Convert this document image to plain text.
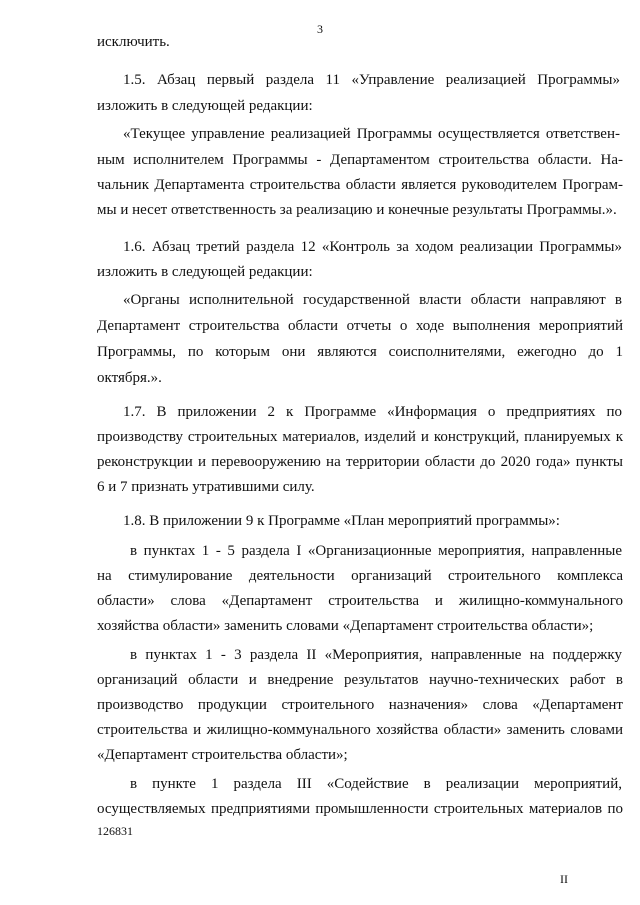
3
исключить.
1.5. Абзац первый раздела 11 «Управление реализацией Программы»
изложить в следующей редакции:
«Текущее управление реализацией Программы осуществляется ответствен-
ным исполнителем Программы - Департаментом строительства области. На-
чальник Департамента строительства области является руководителем Програм-
мы и несет ответственность за реализацию и конечные результаты Программы.».
1.6. Абзац третий раздела 12 «Контроль за ходом реализации Программы»
изложить в следующей редакции:
«Органы исполнительной государственной власти области направляют в
Департамент строительства области отчеты о ходе выполнения мероприятий
Программы, по которым они являются соисполнителями, ежегодно до 1
октября.».
1.7. В приложении 2 к Программе «Информация о предприятиях по
производству строительных материалов, изделий и конструкций, планируемых к
реконструкции и перевооружению на территории области до 2020 года» пункты
6 и 7 признать утратившими силу.
1.8. В приложении 9 к Программе «План мероприятий программы»:
в пунктах 1 - 5 раздела I «Организационные мероприятия, направленные
на стимулирование деятельности организаций строительного комплекса
области» слова «Департамент строительства и жилищно-коммунального
хозяйства области» заменить словами «Департамент строительства области»;
в пунктах 1 - 3 раздела II «Мероприятия, направленные на поддержку
организаций области и внедрение результатов научно-технических работ в
производство продукции строительного назначения» слова «Департамент
строительства и жилищно-коммунального хозяйства области» заменить словами
«Департамент строительства области»;
в пункте 1 раздела III «Содействие в реализации мероприятий,
осуществляемых предприятиями промышленности строительных материалов по
126831
II
